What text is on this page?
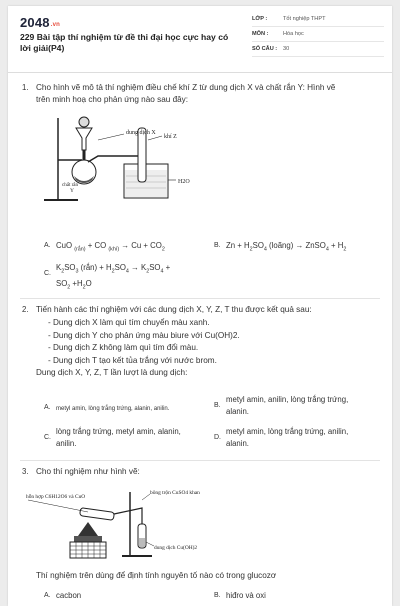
2048.vn
229 Bài tập thí nghiệm từ đề thi đại học cực hay có lời giải(P4)
LỚP :	Tốt nghiệp THPT
MÔN :	Hóa học
SỐ CÂU :	30
1. Cho hình vẽ mô tả thí nghiệm điều chế khí Z từ dung dịch X và chất rắn Y: Hình vẽ trên minh hoạ cho phản ứng nào sau đây:
dung dịch X
khí Z
chất rắn
Y
H2O
A. CuO $_{(rắn)}$ + CO $_{(khí)} \to Cu + CO_2$
B. $Zn + H_2SO_4$ (loãng) → ZnSO$_4$ + $H_2$
C.
$K_2SO_3$ (rắn) + $H_2SO_4 \to K_2SO_4$ +
$SO_2 +H_2O$
2. Tiến hành các thí nghiệm với các dung dịch X, Y, Z, T thu được kết quả sau:
- Dung dịch X làm quì tím chuyển màu xanh.
- Dung dịch Y cho phản ứng màu biure với Cu(OH)2.
- Dung dịch Z không làm quì tím đổi màu.
- Dung dịch T tạo kết tủa trắng với nước brom.
Dung dịch X, Y, Z, T lần lượt là dung dịch:
A. metyl amin, lòng trắng trứng, alanin, anilin.	B.
metyl amin, anilin, lòng trắng trứng,
alanin.
C.
lòng trắng trứng, metyl amin, alanin,
anilin.
D.
metyl amin, lòng trắng trứng, anilin,
alanin.
3. Cho thí nghiệm như hình vẽ:
hỗn hợp C6H12O6 và CuO
bông trộn CuSO4 khan
dung dịch Cu(OH)2
Thí nghiệm trên dùng để định tính nguyên tố nào có trong glucozơ
A. cacbon	B. hiđro và oxi
